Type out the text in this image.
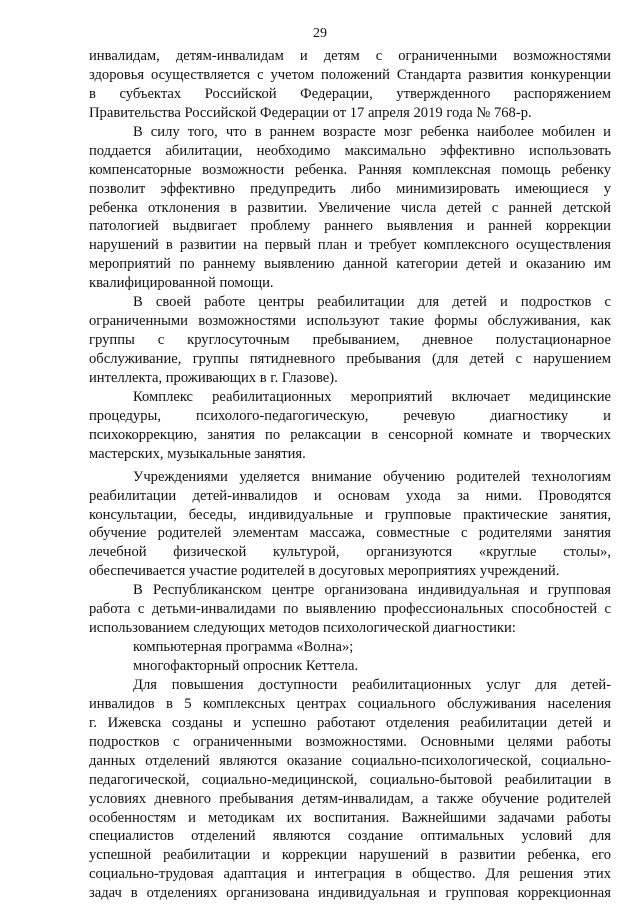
29
инвалидам, детям-инвалидам и детям с ограниченными возможностями
здоровья осуществляется с учетом положений Стандарта развития конкуренции
в субъектах Российской Федерации, утвержденного распоряжением
Правительства Российской Федерации от 17 апреля 2019 года № 768-р.
В силу того, что в раннем возрасте мозг ребенка наиболее мобилен и
поддается абилитации, необходимо максимально эффективно использовать
компенсаторные возможности ребенка. Ранняя комплексная помощь ребенку
позволит эффективно предупредить либо минимизировать имеющиеся у
ребенка отклонения в развитии. Увеличение числа детей с ранней детской
патологией выдвигает проблему раннего выявления и ранней коррекции
нарушений в развитии на первый план и требует комплексного осуществления
мероприятий по раннему выявлению данной категории детей и оказанию им
квалифицированной помощи.
В своей работе центры реабилитации для детей и подростков с
ограниченными возможностями используют такие формы обслуживания, как
группы с круглосуточным пребыванием, дневное полустационарное
обслуживание, группы пятидневного пребывания (для детей с нарушением
интеллекта, проживающих в г. Глазове).
Комплекс реабилитационных мероприятий включает медицинские
процедуры, психолого-педагогическую, речевую диагностику и
психокоррекцию, занятия по релаксации в сенсорной комнате и творческих
мастерских, музыкальные занятия.
Учреждениями уделяется внимание обучению родителей технологиям
реабилитации детей-инвалидов и основам ухода за ними. Проводятся
консультации, беседы, индивидуальные и групповые практические занятия,
обучение родителей элементам массажа, совместные с родителями занятия
лечебной физической культурой, организуются «круглые столы»,
обеспечивается участие родителей в досуговых мероприятиях учреждений.
В Республиканском центре организована индивидуальная и групповая
работа с детьми-инвалидами по выявлению профессиональных способностей с
использованием следующих методов психологической диагностики:
компьютерная программа «Волна»;
многофакторный опросник Кеттела.
Для повышения доступности реабилитационных услуг для детей-
инвалидов в 5 комплексных центрах социального обслуживания населения
г. Ижевска созданы и успешно работают отделения реабилитации детей и
подростков с ограниченными возможностями. Основными целями работы
данных отделений являются оказание социально-психологической, социально-
педагогической, социально-медицинской, социально-бытовой реабилитации в
условиях дневного пребывания детям-инвалидам, а также обучение родителей
особенностям и методикам их воспитания. Важнейшими задачами работы
специалистов отделений являются создание оптимальных условий для
успешной реабилитации и коррекции нарушений в развитии ребенка, его
социально-трудовая адаптация и интеграция в общество. Для решения этих
задач в отделениях организована индивидуальная и групповая коррекционная
